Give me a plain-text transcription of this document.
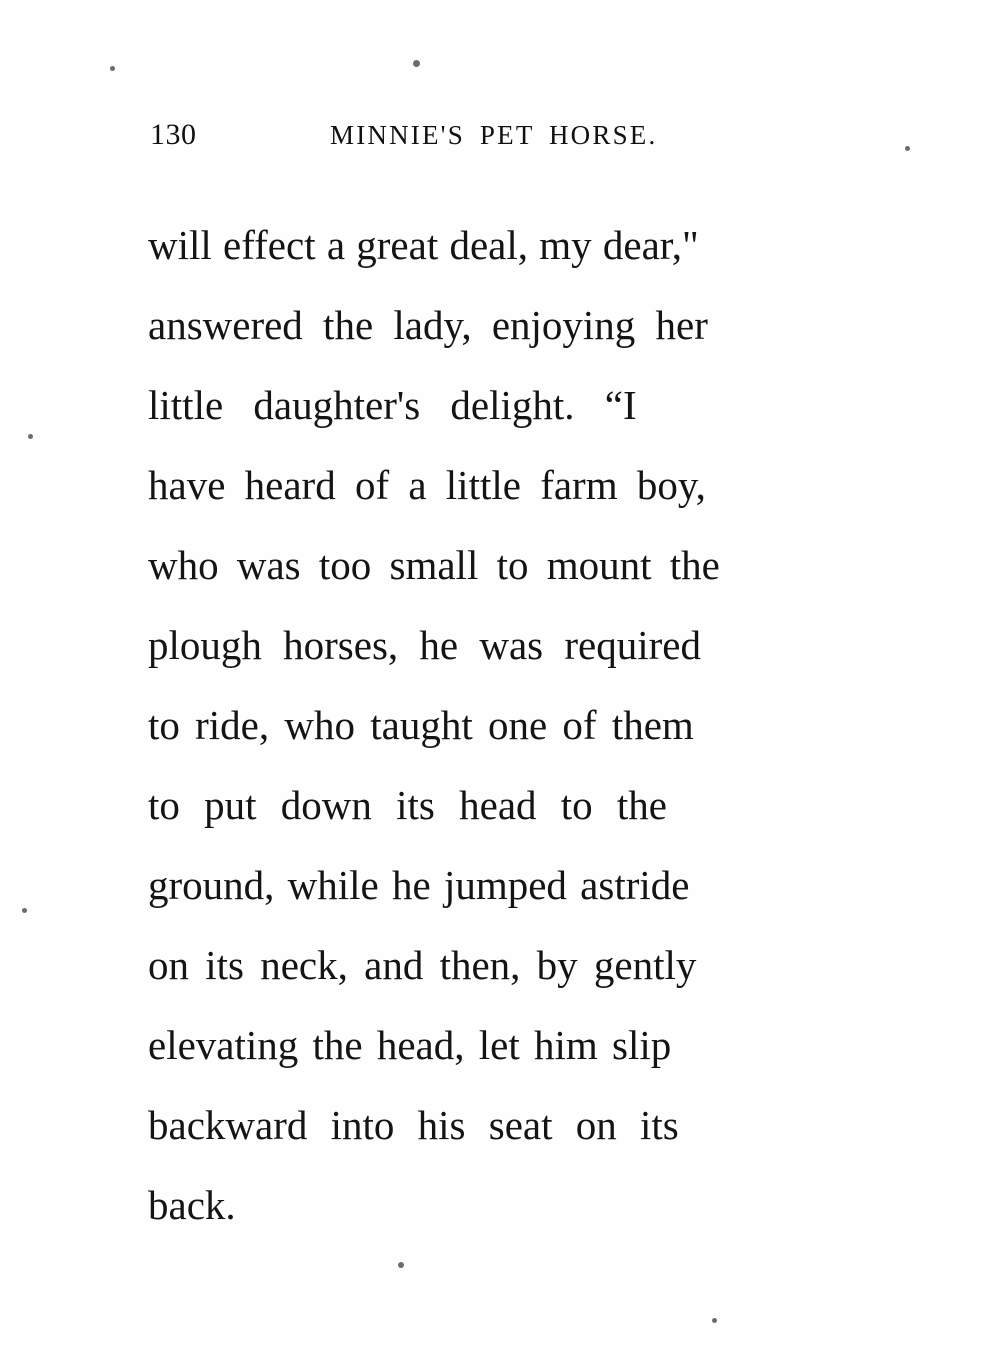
130	MINNIE'S PET HORSE.
will effect a great deal, my dear,"
answered the lady, enjoying her
little daughter's delight. “I
have heard of a little farm boy,
who was too small to mount the
plough horses, he was required
to ride, who taught one of them
to put down its head to the
ground, while he jumped astride
on its neck, and then, by gently
elevating the head, let him slip
backward into his seat on its
back.
